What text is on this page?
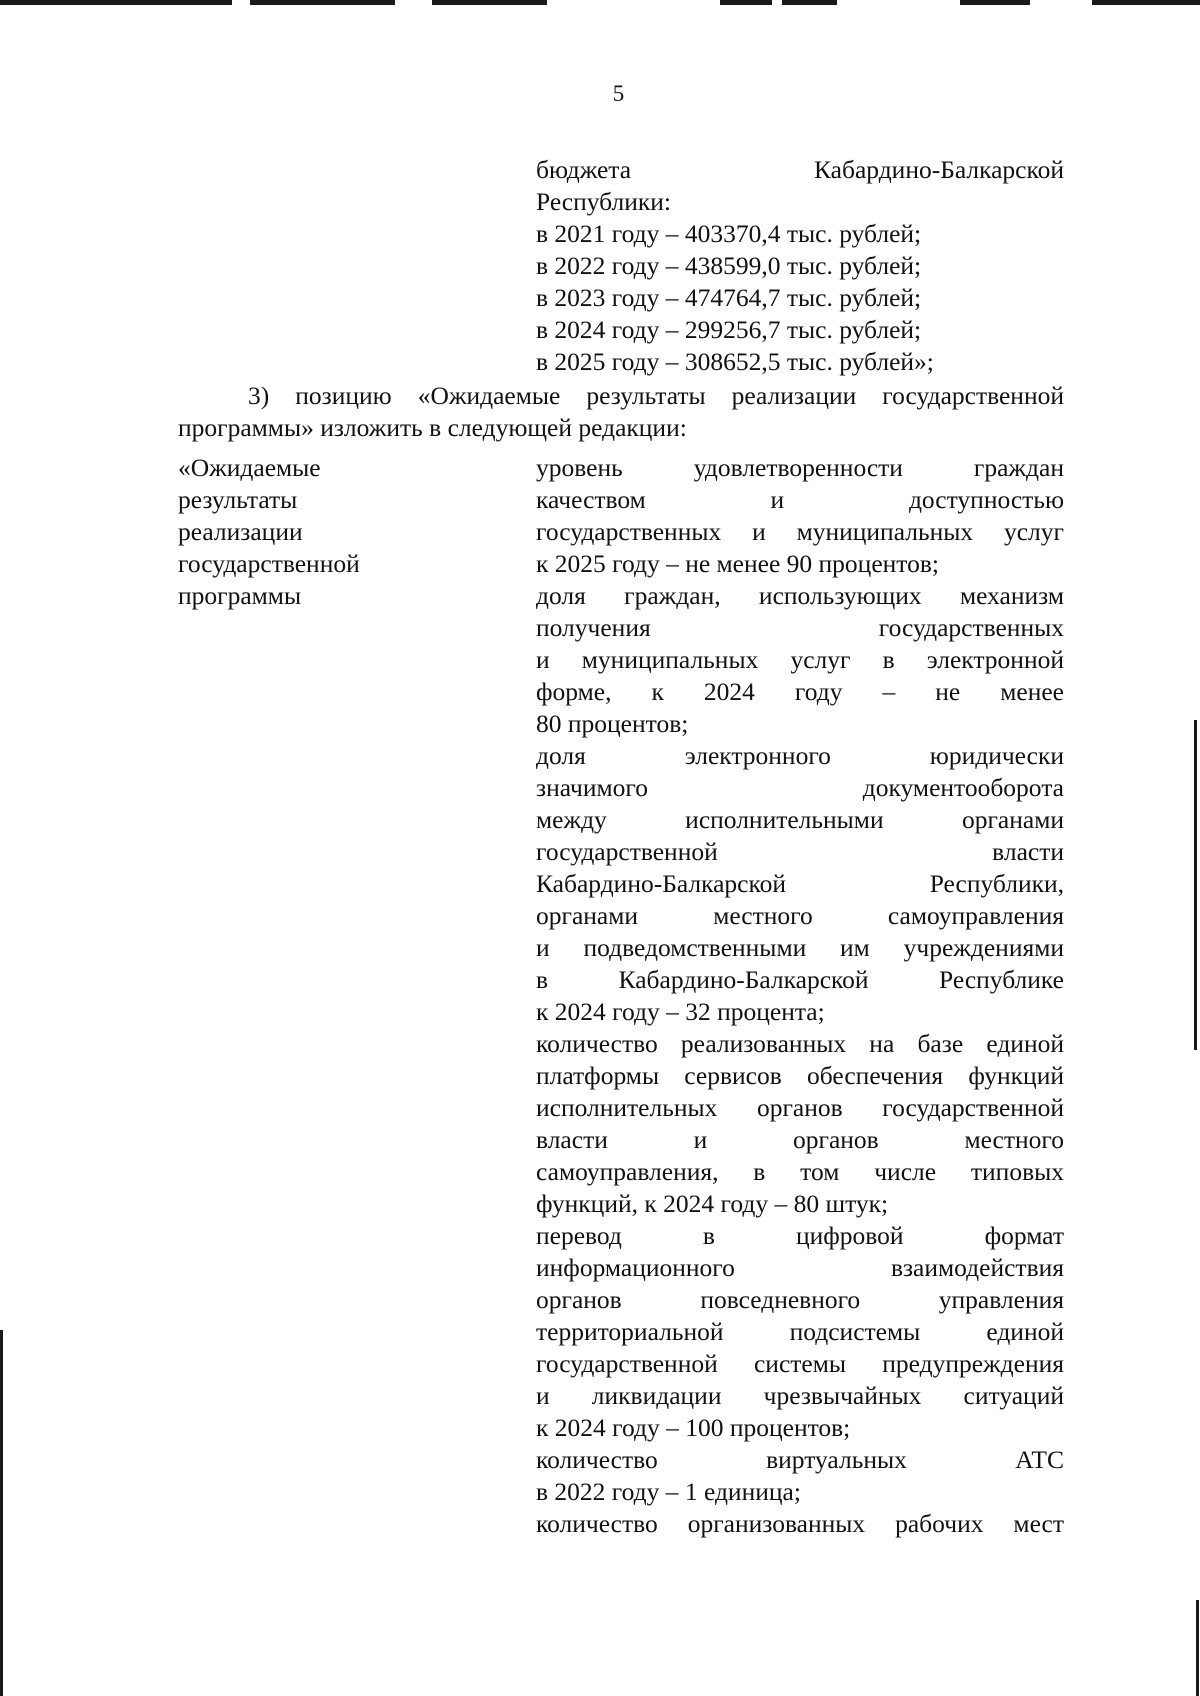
5
бюджета Кабардино-Балкарской
Республики:
в 2021 году – 403370,4 тыс. рублей;
в 2022 году – 438599,0 тыс. рублей;
в 2023 году – 474764,7 тыс. рублей;
в 2024 году – 299256,7 тыс. рублей;
в 2025 году – 308652,5 тыс. рублей»;
3) позицию «Ожидаемые результаты реализации государственной
программы» изложить в следующей редакции:
«Ожидаемые
результаты
реализации
государственной
программы
уровень удовлетворенности граждан
качеством и доступностью
государственных и муниципальных услуг
к 2025 году – не менее 90 процентов;
доля граждан, использующих механизм
получения государственных
и муниципальных услуг в электронной
форме, к 2024 году – не менее
80 процентов;
доля электронного юридически
значимого документооборота
между исполнительными органами
государственной власти
Кабардино-Балкарской Республики,
органами местного самоуправления
и подведомственными им учреждениями
в Кабардино-Балкарской Республике
к 2024 году – 32 процента;
количество реализованных на базе единой
платформы сервисов обеспечения функций
исполнительных органов государственной
власти и органов местного
самоуправления, в том числе типовых
функций, к 2024 году – 80 штук;
перевод в цифровой формат
информационного взаимодействия
органов повседневного управления
территориальной подсистемы единой
государственной системы предупреждения
и ликвидации чрезвычайных ситуаций
к 2024 году – 100 процентов;
количество виртуальных АТС
в 2022 году – 1 единица;
количество организованных рабочих мест
